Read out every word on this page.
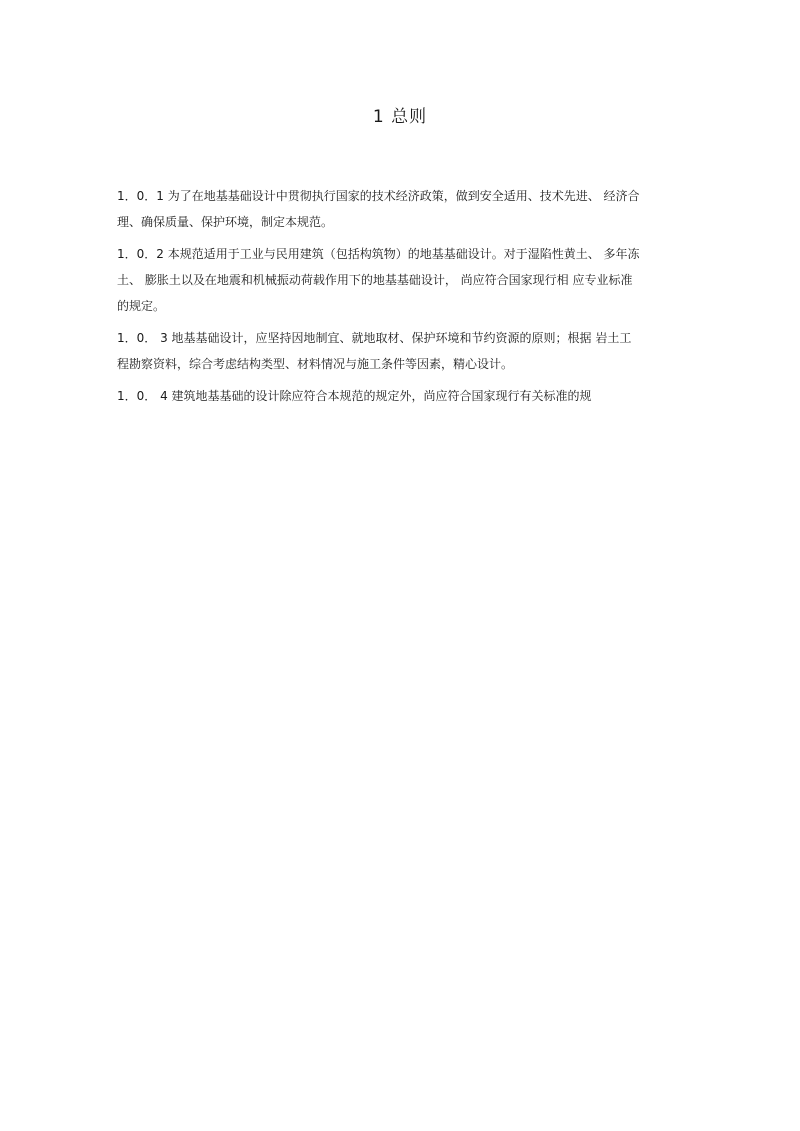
1 总则
1．0．1 为了在地基基础设计中贯彻执行国家的技术经济政策，做到安全适用、技术先进、 经济合
理、确保质量、保护环境，制定本规范。
1．0．2 本规范适用于工业与民用建筑（包括构筑物）的地基基础设计。对于湿陷性黄土、 多年冻
土、 膨胀土以及在地震和机械振动荷载作用下的地基基础设计， 尚应符合国家现行相 应专业标准
的规定。
1．0． 3 地基基础设计，应坚持因地制宜、就地取材、保护环境和节约资源的原则；根据 岩土工
程勘察资料，综合考虑结构类型、材料情况与施工条件等因素，精心设计。
1．0． 4 建筑地基基础的设计除应符合本规范的规定外，尚应符合国家现行有关标准的规
